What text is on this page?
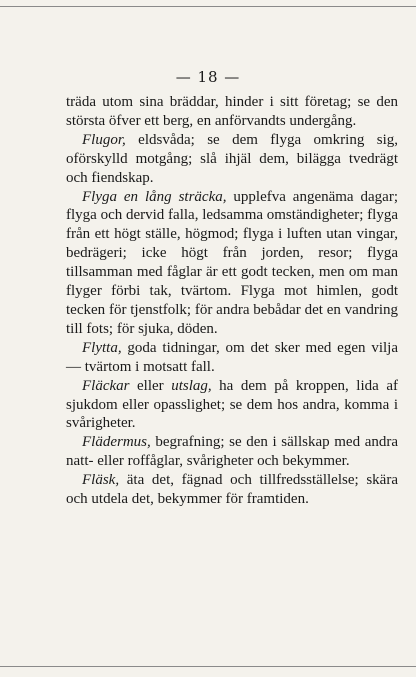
— 18 —

träda utom sina bräddar, hinder i sitt företag; se den största öfver ett berg, en anförvandts undergång.

Flugor, eldsvåda; se dem flyga omkring sig, oförskylld motgång; slå ihjäl dem, bilägga tvedrägt och fiendskap.

Flyga en lång sträcka, upplefva angenäma dagar; flyga och dervid falla, ledsamma omständigheter; flyga från ett högt ställe, högmod; flyga i luften utan vingar, bedrägeri; icke högt från jorden, resor; flyga tillsamman med fåglar är ett godt tecken, men om man flyger förbi tak, tvärtom. Flyga mot himlen, godt tecken för tjenstfolk; för andra bebådar det en vandring till fots; för sjuka, döden.

Flytta, goda tidningar, om det sker med egen vilja — tvärtom i motsatt fall.

Fläckar eller utslag, ha dem på kroppen, lida af sjukdom eller opasslighet; se dem hos andra, komma i svårigheter.

Flädermus, begrafning; se den i sällskap med andra natt- eller roffåglar, svårigheter och bekymmer.

Fläsk, äta det, fägnad och tillfredsställelse; skära och utdela det, bekymmer för framtiden.
